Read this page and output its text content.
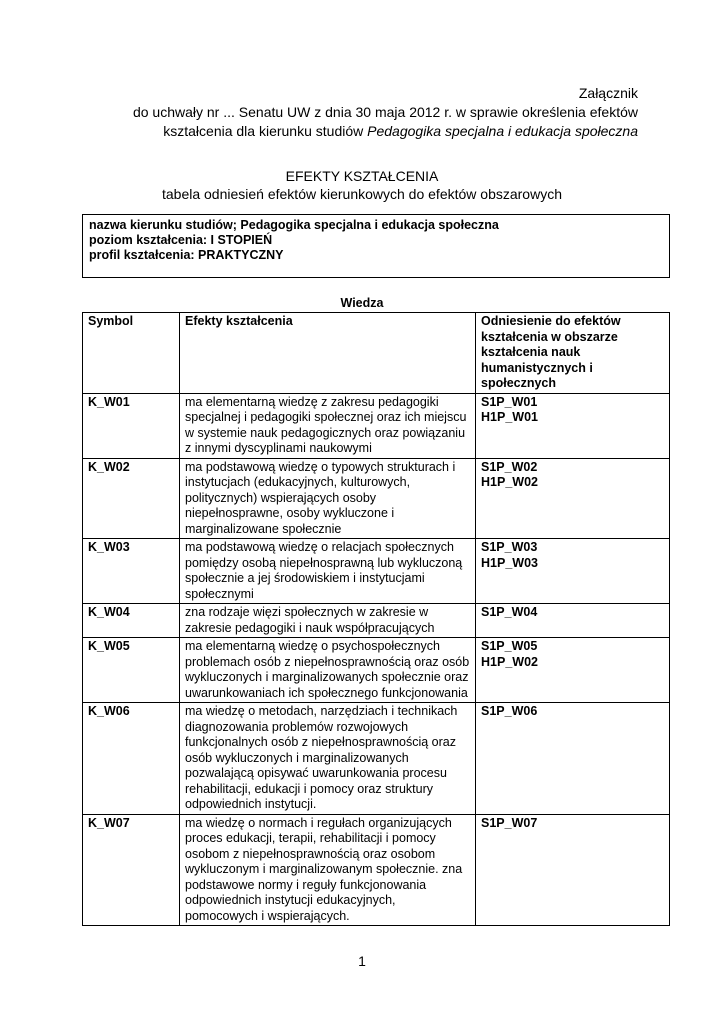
Załącznik
do uchwały nr ... Senatu UW z dnia 30 maja 2012 r. w sprawie określenia efektów
kształcenia dla kierunku studiów Pedagogika specjalna i edukacja społeczna
EFEKTY KSZTAŁCENIA
tabela odniesień efektów kierunkowych do efektów obszarowych
nazwa kierunku studiów; Pedagogika specjalna i edukacja społeczna
poziom kształcenia: I STOPIEŃ
profil kształcenia: PRAKTYCZNY
Wiedza
Symbol	Efekty kształcenia	Odniesienie do efektów kształcenia w obszarze kształcenia nauk humanistycznych i społecznych
K_W01	ma elementarną wiedzę z zakresu pedagogiki specjalnej i pedagogiki społecznej oraz ich miejscu w systemie nauk pedagogicznych oraz powiązaniu z innymi dyscyplinami naukowymi	S1P_W01
H1P_W01

K_W02	ma podstawową wiedzę o typowych strukturach i instytucjach (edukacyjnych, kulturowych, politycznych) wspierających osoby niepełnosprawne, osoby wykluczone i marginalizowane społecznie	S1P_W02
H1P_W02

K_W03	ma podstawową wiedzę o relacjach społecznych pomiędzy osobą niepełnosprawną lub wykluczoną społecznie a jej środowiskiem i instytucjami społecznymi	S1P_W03
H1P_W03

K_W04	zna rodzaje więzi społecznych w zakresie w zakresie pedagogiki i nauk współpracujących	S1P_W04

K_W05	ma elementarną wiedzę o psychospołecznych problemach osób z niepełnosprawnością oraz osób wykluczonych i marginalizowanych społecznie oraz uwarunkowaniach ich społecznego funkcjonowania	S1P_W05
H1P_W02

K_W06	ma wiedzę o metodach, narzędziach i technikach diagnozowania problemów rozwojowych funkcjonalnych osób z niepełnosprawnością oraz osób wykluczonych i marginalizowanych pozwalającą opisywać uwarunkowania procesu rehabilitacji, edukacji i pomocy oraz struktury odpowiednich instytucji.	S1P_W06

K_W07	ma wiedzę o normach i regułach organizujących proces edukacji, terapii, rehabilitacji i pomocy osobom z niepełnosprawnością oraz osobom wykluczonym i marginalizowanym społecznie. zna podstawowe normy i reguły funkcjonowania odpowiednich instytucji edukacyjnych, pomocowych i wspierających.	S1P_W07
1
